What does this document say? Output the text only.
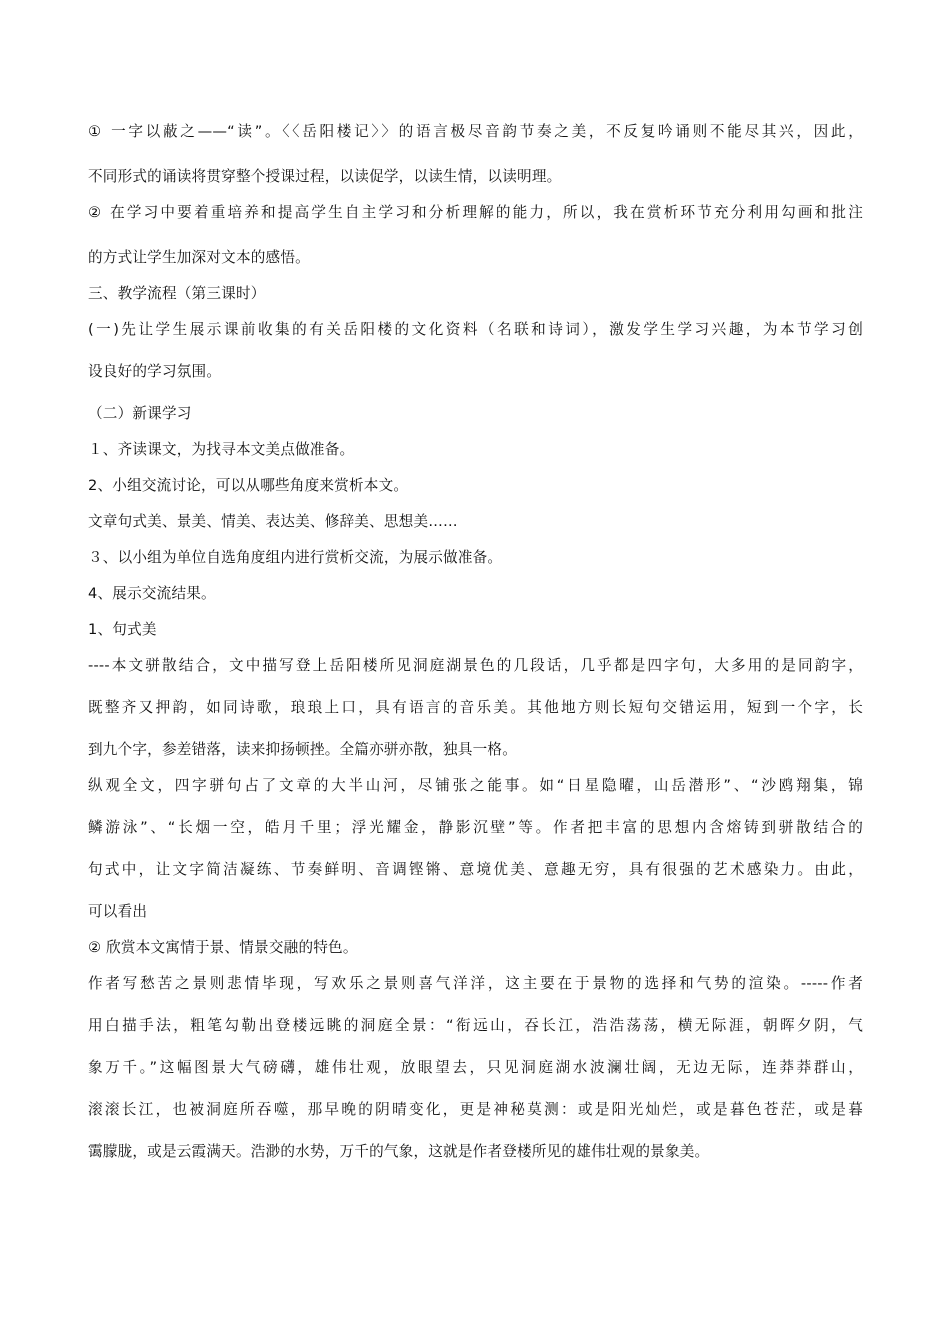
① 一字以蔽之——“读”。〈〈岳阳楼记〉〉的语言极尽音韵节奏之美，不反复吟诵则不能尽其兴，因此，
不同形式的诵读将贯穿整个授课过程，以读促学，以读生情，以读明理。
② 在学习中要着重培养和提高学生自主学习和分析理解的能力，所以，我在赏析环节充分利用勾画和批注
的方式让学生加深对文本的感悟。
三、教学流程（第三课时）
(一)先让学生展示课前收集的有关岳阳楼的文化资料（名联和诗词），激发学生学习兴趣，为本节学习创
设良好的学习氛围。
（二）新课学习
１、齐读课文，为找寻本文美点做准备。
2、小组交流讨论，可以从哪些角度来赏析本文。
文章句式美、景美、情美、表达美、修辞美、思想美……
３、以小组为单位自选角度组内进行赏析交流，为展示做准备。
4、展示交流结果。
1、句式美
----本文骈散结合，文中描写登上岳阳楼所见洞庭湖景色的几段话，几乎都是四字句，大多用的是同韵字，
既整齐又押韵，如同诗歌，琅琅上口，具有语言的音乐美。其他地方则长短句交错运用，短到一个字，长
到九个字，参差错落，读来抑扬顿挫。全篇亦骈亦散，独具一格。
纵观全文，四字骈句占了文章的大半山河，尽铺张之能事。如“日星隐曜，山岳潜形”、“沙鸥翔集，锦
鳞游泳”、“长烟一空，皓月千里；浮光耀金，静影沉壁”等。作者把丰富的思想内含熔铸到骈散结合的
句式中，让文字简洁凝练、节奏鲜明、音调铿锵、意境优美、意趣无穷，具有很强的艺术感染力。由此，
可以看出
② 欣赏本文寓情于景、情景交融的特色。
作者写愁苦之景则悲情毕现，写欢乐之景则喜气洋洋，这主要在于景物的选择和气势的渲染。-----作者
用白描手法，粗笔勾勒出登楼远眺的洞庭全景：“衔远山，吞长江，浩浩荡荡，横无际涯，朝晖夕阴，气
象万千。”这幅图景大气磅礴，雄伟壮观，放眼望去，只见洞庭湖水波澜壮阔，无边无际，连莽莽群山，
滚滚长江，也被洞庭所吞噬，那早晚的阴晴变化，更是神秘莫测：或是阳光灿烂，或是暮色苍茫，或是暮
霭朦胧，或是云霞满天。浩渺的水势，万千的气象，这就是作者登楼所见的雄伟壮观的景象美。
